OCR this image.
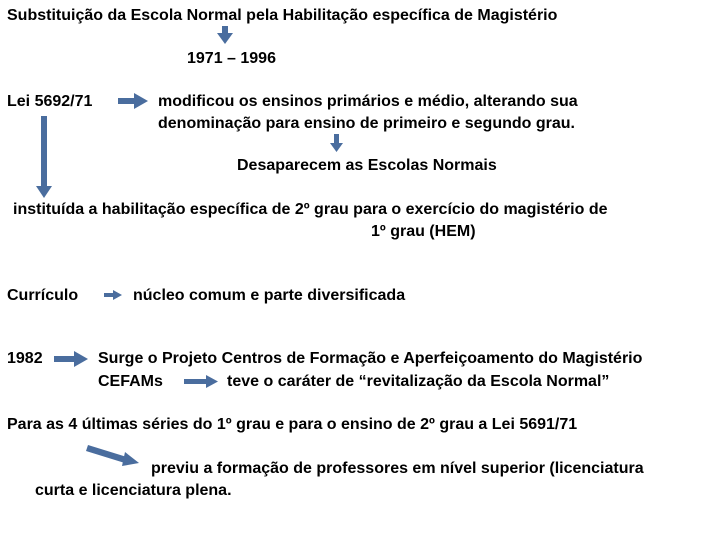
Substituição da Escola Normal pela Habilitação específica de Magistério
1971 – 1996
Lei 5692/71	modificou os ensinos primários e médio, alterando sua
denominação para ensino de primeiro e segundo grau.
Desaparecem as Escolas Normais
instituída a habilitação específica de 2º grau para o exercício do magistério de
1º grau (HEM)
Currículo	núcleo comum e parte diversificada
1982	Surge o Projeto Centros de Formação e Aperfeiçoamento do Magistério
CEFAMs	teve o caráter de “revitalização da Escola Normal”
Para as 4 últimas séries do 1º grau e para o ensino de 2º grau a Lei 5691/71
previu a formação de professores em nível superior (licenciatura
curta e licenciatura plena.
